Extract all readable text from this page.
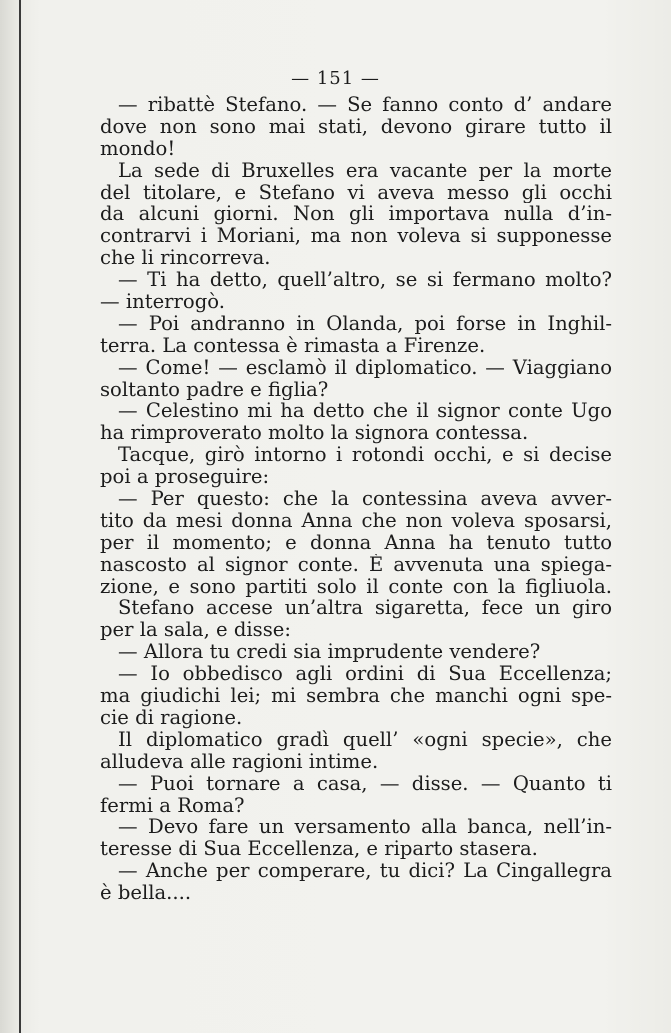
— 151 —
— ribattè Stefano. — Se fanno conto d’ andare
dove non sono mai stati, devono girare tutto il
mondo!
La sede di Bruxelles era vacante per la morte
del titolare, e Stefano vi aveva messo gli occhi
da alcuni giorni. Non gli importava nulla d’in-
contrarvi i Moriani, ma non voleva si supponesse
che li rincorreva.
— Ti ha detto, quell’altro, se si fermano molto?
— interrogò.
— Poi andranno in Olanda, poi forse in Inghil-
terra. La contessa è rimasta a Firenze.
— Come! — esclamò il diplomatico. — Viaggiano
soltanto padre e figlia?
— Celestino mi ha detto che il signor conte Ugo
ha rimproverato molto la signora contessa.
Tacque, girò intorno i rotondi occhi, e si decise
poi a proseguire:
— Per questo: che la contessina aveva avver-
tito da mesi donna Anna che non voleva sposarsi,
per il momento; e donna Anna ha tenuto tutto
nascosto al signor conte. È avvenuta una spiega-
zione, e sono partiti solo il conte con la figliuola.
Stefano accese un’altra sigaretta, fece un giro
per la sala, e disse:
— Allora tu credi sia imprudente vendere?
— Io obbedisco agli ordini di Sua Eccellenza;
ma giudichi lei; mi sembra che manchi ogni spe-
cie di ragione.
Il diplomatico gradì quell’ «ogni specie», che
alludeva alle ragioni intime.
— Puoi tornare a casa, — disse. — Quanto ti
fermi a Roma?
— Devo fare un versamento alla banca, nell’in-
teresse di Sua Eccellenza, e riparto stasera.
— Anche per comperare, tu dici? La Cingallegra
è bella....
